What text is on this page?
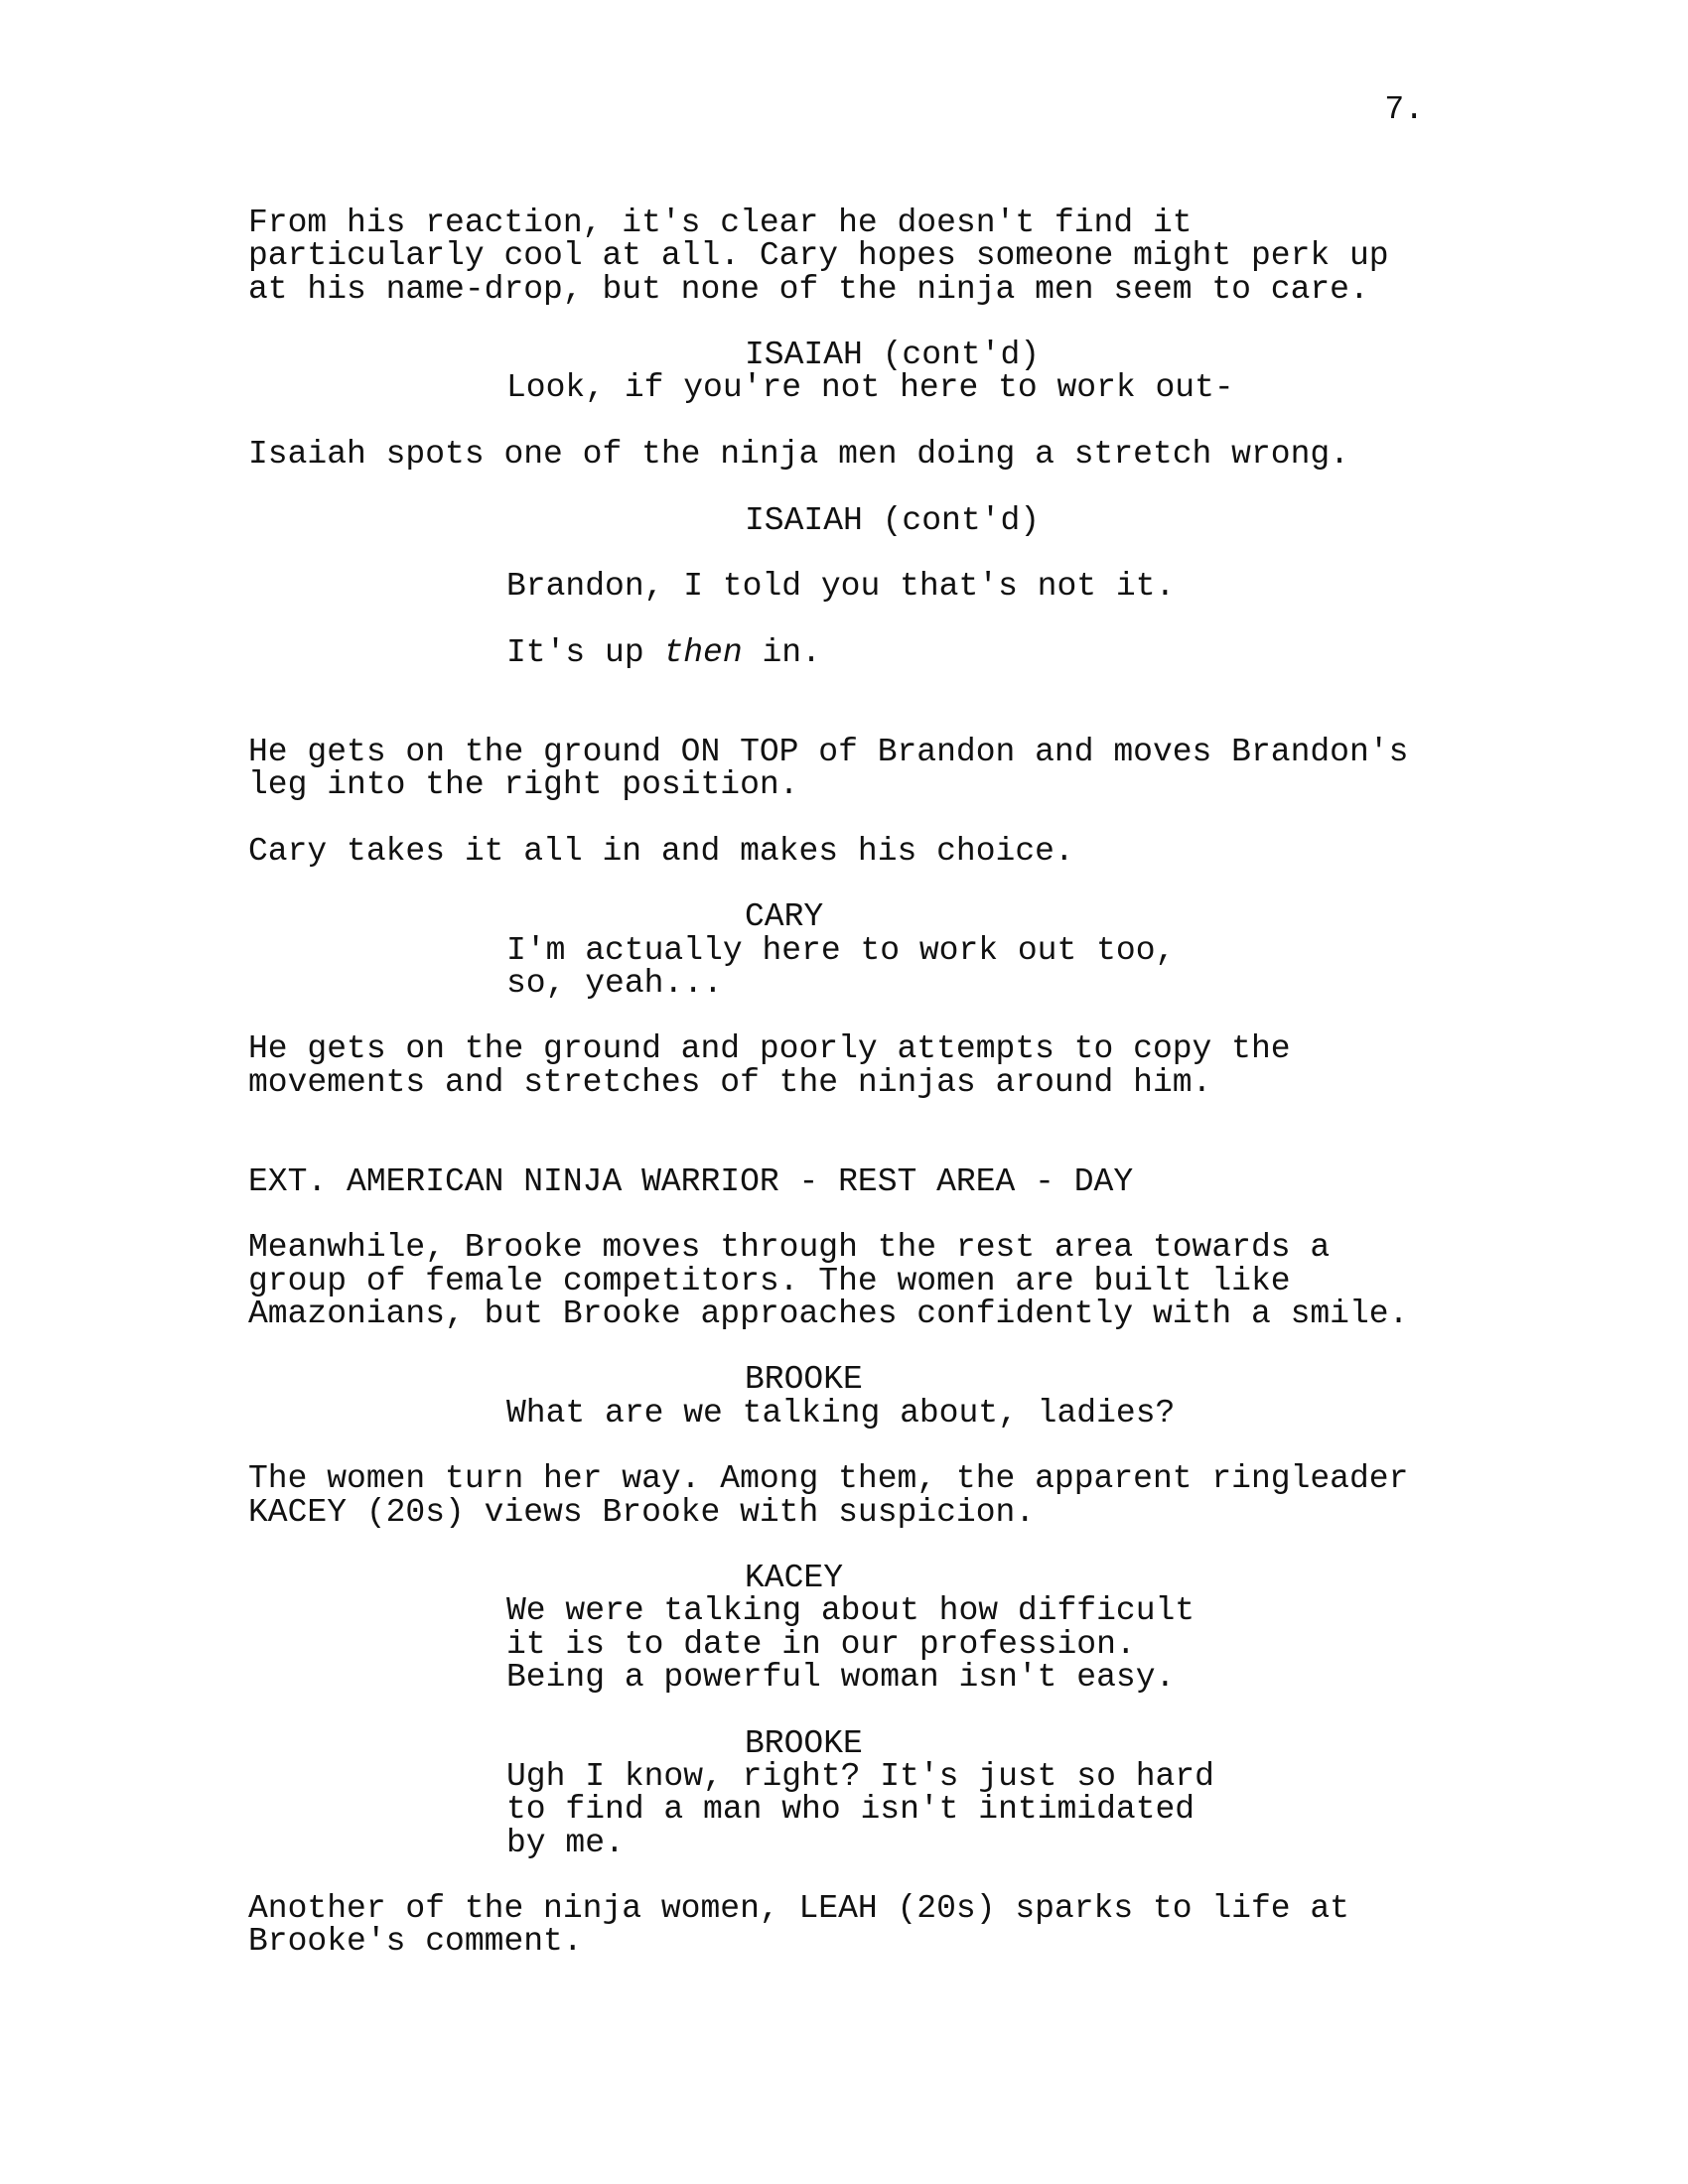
7.

From his reaction, it's clear he doesn't find it
particularly cool at all. Cary hopes someone might perk up
at his name-drop, but none of the ninja men seem to care.

ISAIAH (cont'd)

Look, if you're not here to work out-

Isaiah spots one of the ninja men doing a stretch wrong.

ISAIAH (cont'd)

Brandon, I told you that's not it.

It's up then in.

He gets on the ground ON TOP of Brandon and moves Brandon's
leg into the right position.

Cary takes it all in and makes his choice.

CARY

I'm actually here to work out too,
so, yeah...

He gets on the ground and poorly attempts to copy the
movements and stretches of the ninjas around him.

EXT. AMERICAN NINJA WARRIOR - REST AREA - DAY

Meanwhile, Brooke moves through the rest area towards a
group of female competitors. The women are built like
Amazonians, but Brooke approaches confidently with a smile.

BROOKE

What are we talking about, ladies?

The women turn her way. Among them, the apparent ringleader
KACEY (20s) views Brooke with suspicion.

KACEY

We were talking about how difficult
it is to date in our profession.
Being a powerful woman isn't easy.

BROOKE

Ugh I know, right? It's just so hard
to find a man who isn't intimidated
by me.

Another of the ninja women, LEAH (20s) sparks to life at
Brooke's comment.
